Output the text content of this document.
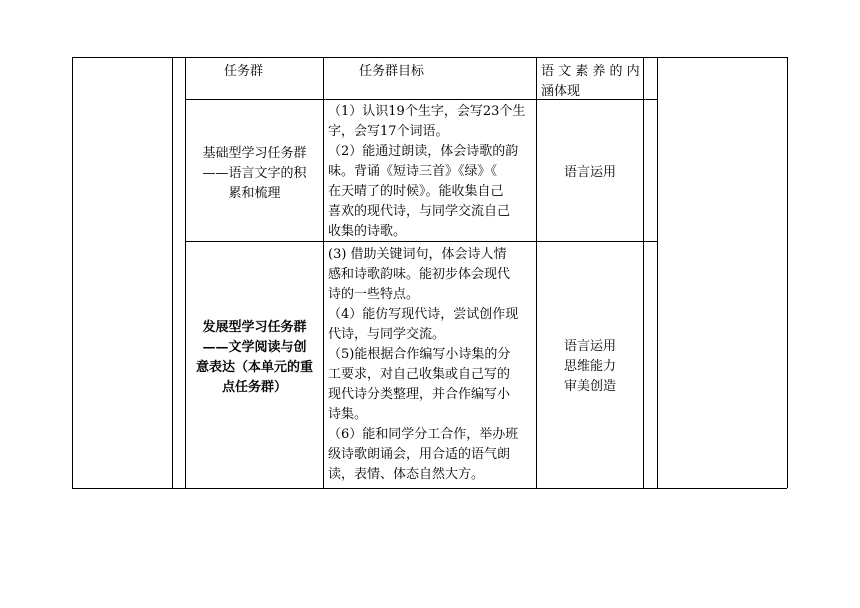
任务群	任务群目标	语 文 素 养 的 内
涵体现
基础型学习任务群
——语言文字的积
累和梳理
（1）认识19个生字，会写23个生
字，会写17个词语。
（2）能通过朗读，体会诗歌的韵
味。背诵《短诗三首》《绿》《
在天晴了的时候》。能收集自己
喜欢的现代诗，与同学交流自己
收集的诗歌。
语言运用
发展型学习任务群
——文学阅读与创
意表达（本单元的重
点任务群）
(3) 借助关键词句，体会诗人情
感和诗歌韵味。能初步体会现代
诗的一些特点。
（4）能仿写现代诗，尝试创作现
代诗，与同学交流。
（5)能根据合作编写小诗集的分
工要求，对自己收集或自己写的
现代诗分类整理，并合作编写小
诗集。
（6）能和同学分工合作，举办班
级诗歌朗诵会，用合适的语气朗
读，表情、体态自然大方。
语言运用
思维能力
审美创造
